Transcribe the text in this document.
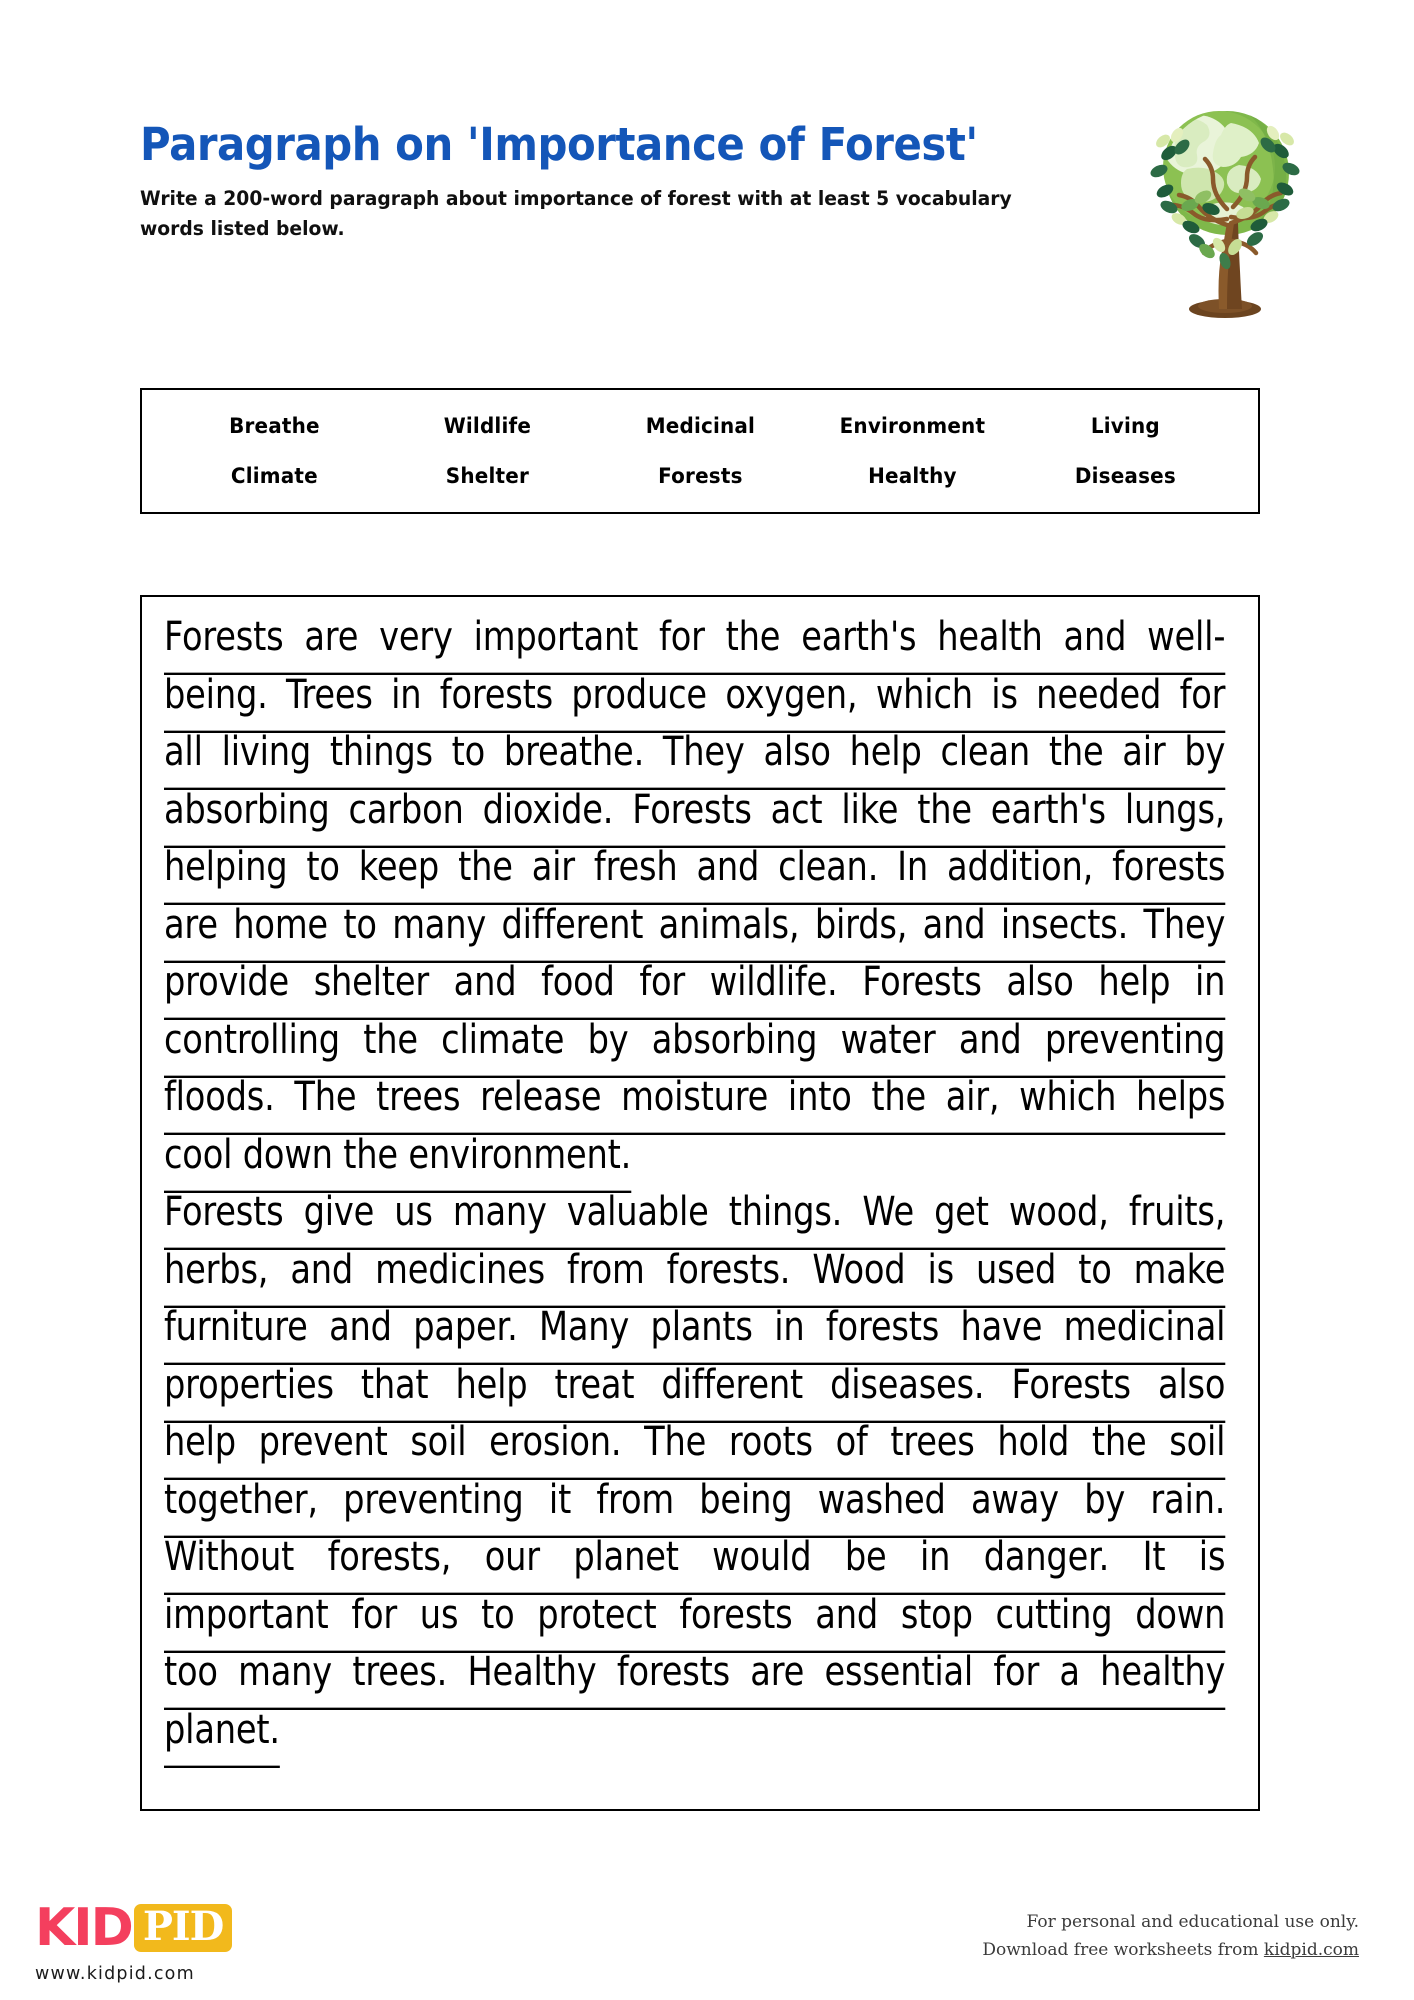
Paragraph on 'Importance of Forest'

Write a 200-word paragraph about importance of forest with at least 5 vocabulary words listed below.

Breathe	Wildlife	Medicinal	Environment	Living
Climate	Shelter	Forests	Healthy	Diseases
Forests are very important for the earth's health and well-
being. Trees in forests produce oxygen, which is needed for
all living things to breathe. They also help clean the air by
absorbing carbon dioxide. Forests act like the earth's lungs,
helping to keep the air fresh and clean. In addition, forests
are home to many different animals, birds, and insects. They
provide shelter and food for wildlife. Forests also help in
controlling the climate by absorbing water and preventing
floods. The trees release moisture into the air, which helps
cool down the environment.
Forests give us many valuable things. We get wood, fruits,
herbs, and medicines from forests. Wood is used to make
furniture and paper. Many plants in forests have medicinal
properties that help treat different diseases. Forests also
help prevent soil erosion. The roots of trees hold the soil
together, preventing it from being washed away by rain.
Without forests, our planet would be in danger. It is
important for us to protect forests and stop cutting down
too many trees. Healthy forests are essential for a healthy
planet.
KID PID
www.kidpid.com
For personal and educational use only.
Download free worksheets from kidpid.com
